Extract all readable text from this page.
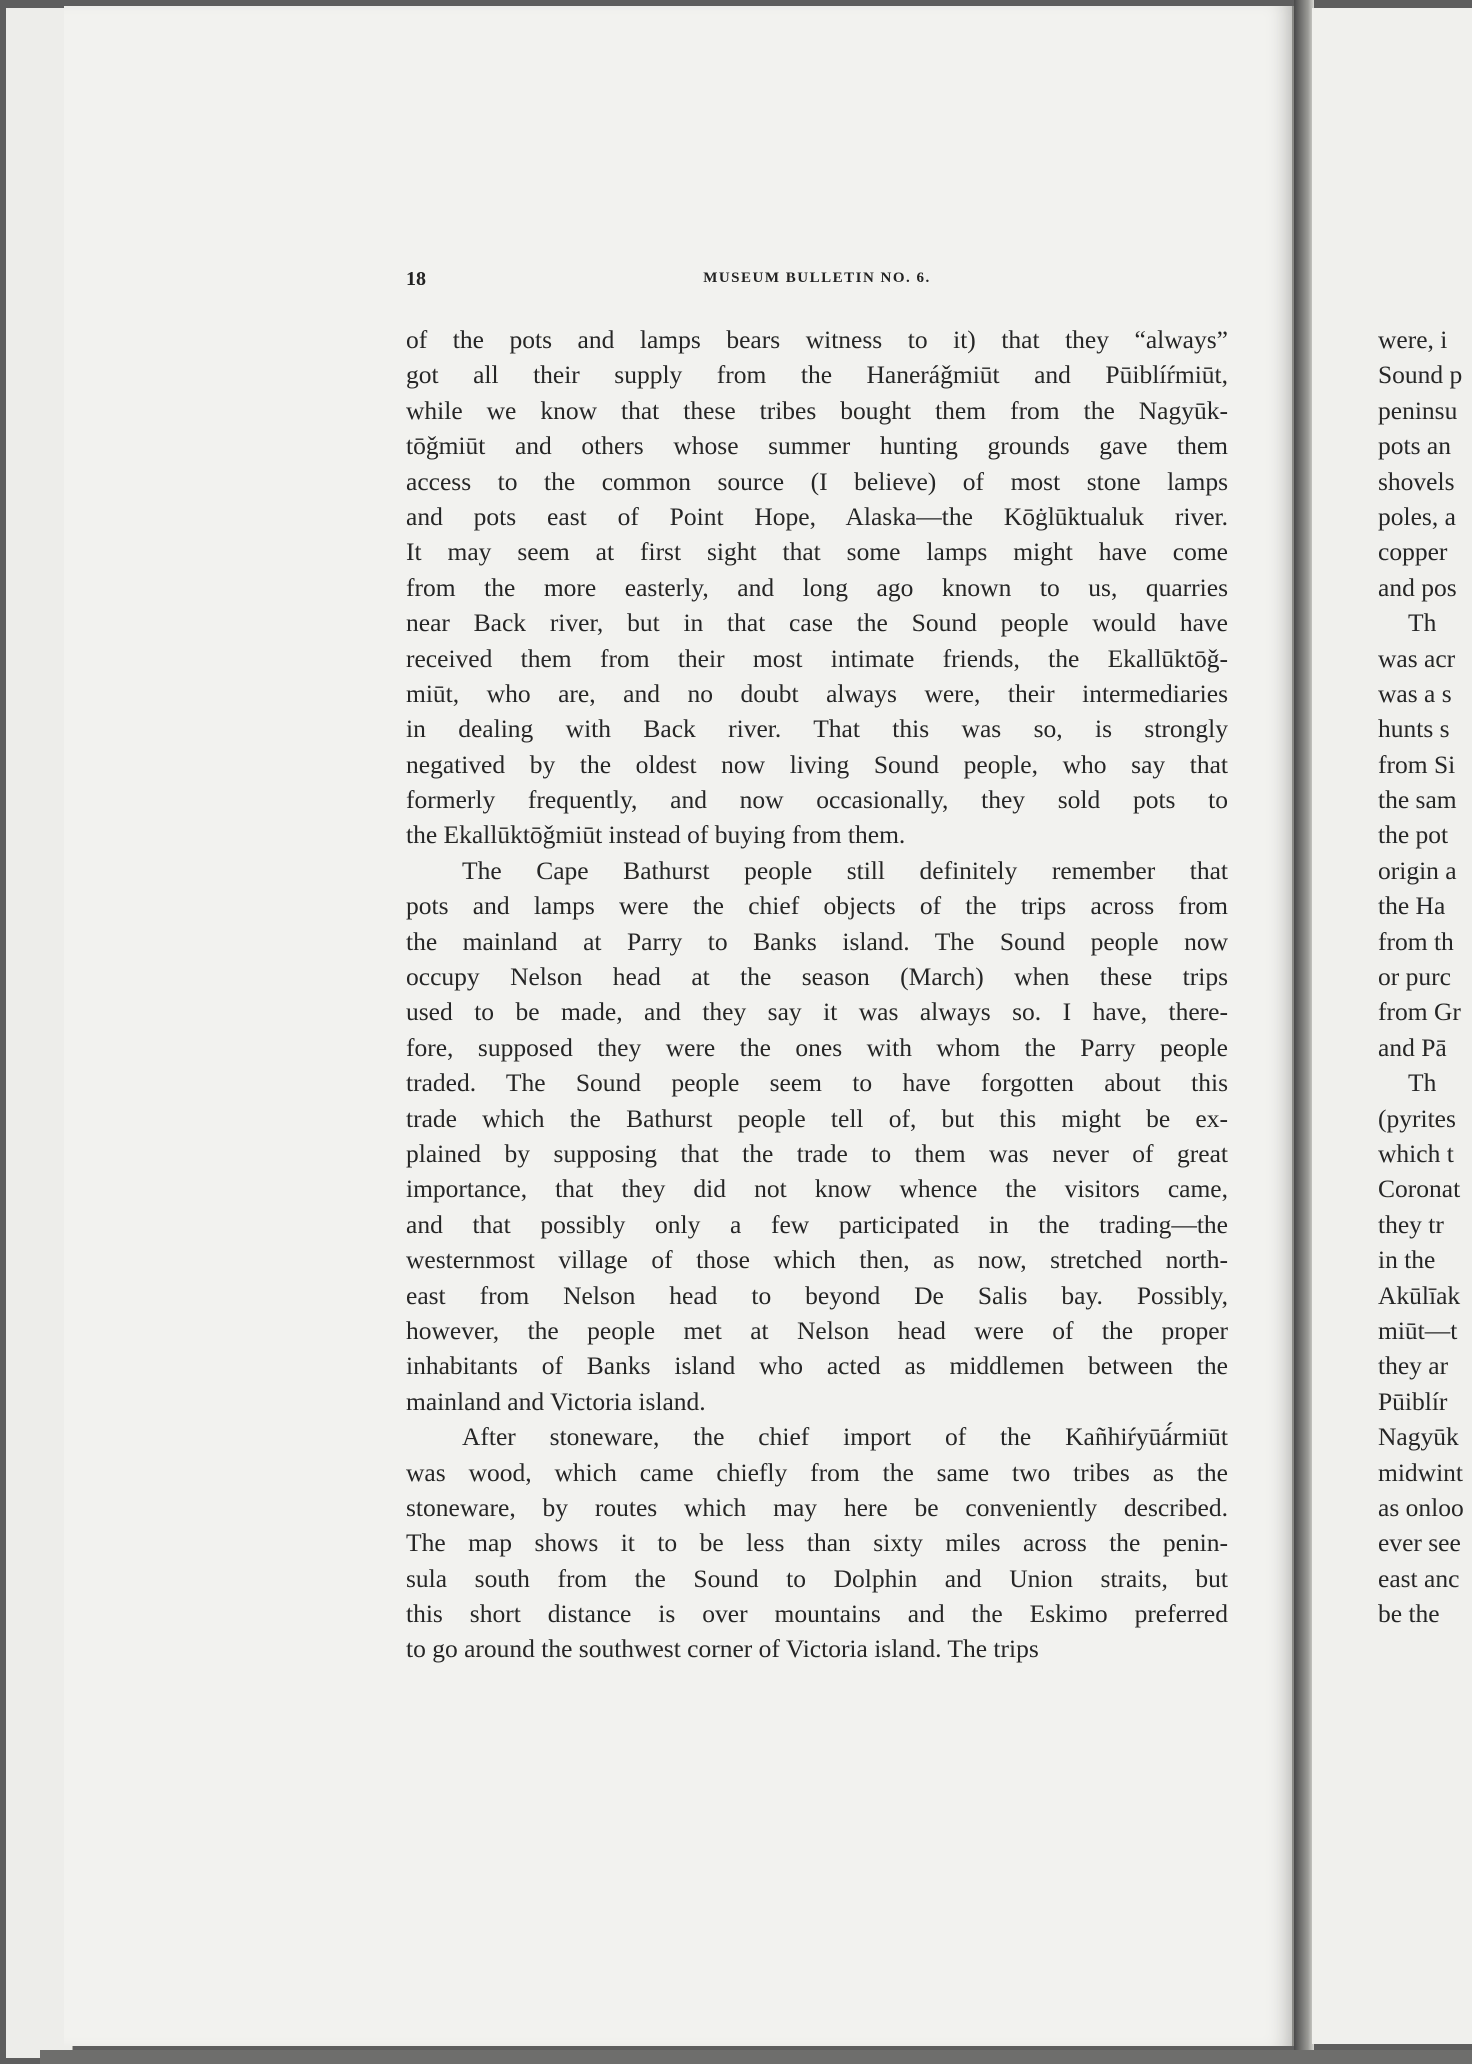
18	MUSEUM BULLETIN NO. 6.
of the pots and lamps bears witness to it) that they “always”
got all their supply from the Haneráǧmiūt and Pūiblíŕmiūt,
while we know that these tribes bought them from the Nagyūk-
tōǧmiūt and others whose summer hunting grounds gave them
access to the common source (I believe) of most stone lamps
and pots east of Point Hope, Alaska—the Kōġlūktualuk river.
It may seem at first sight that some lamps might have come
from the more easterly, and long ago known to us, quarries
near Back river, but in that case the Sound people would have
received them from their most intimate friends, the Ekallūktōǧ-
miūt, who are, and no doubt always were, their intermediaries
in dealing with Back river. That this was so, is strongly
negatived by the oldest now living Sound people, who say that
formerly frequently, and now occasionally, they sold pots to
the Ekallūktōǧmiūt instead of buying from them.
The Cape Bathurst people still definitely remember that
pots and lamps were the chief objects of the trips across from
the mainland at Parry to Banks island. The Sound people now
occupy Nelson head at the season (March) when these trips
used to be made, and they say it was always so. I have, there-
fore, supposed they were the ones with whom the Parry people
traded. The Sound people seem to have forgotten about this
trade which the Bathurst people tell of, but this might be ex-
plained by supposing that the trade to them was never of great
importance, that they did not know whence the visitors came,
and that possibly only a few participated in the trading—the
westernmost village of those which then, as now, stretched north-
east from Nelson head to beyond De Salis bay. Possibly,
however, the people met at Nelson head were of the proper
inhabitants of Banks island who acted as middlemen between the
mainland and Victoria island.
After stoneware, the chief import of the Kañhiŕyūá́rmiūt
was wood, which came chiefly from the same two tribes as the
stoneware, by routes which may here be conveniently described.
The map shows it to be less than sixty miles across the penin-
sula south from the Sound to Dolphin and Union straits, but
this short distance is over mountains and the Eskimo preferred
to go around the southwest corner of Victoria island. The trips
were, i
Sound p
peninsu
pots an
shovels
poles, a
copper
and pos
Th
was acr
was a s
hunts s
from Si
the sam
the pot
origin a
the Ha
from th
or purc
from Gr
and Pā
Th
(pyrites
which t
Coronat
they tr
in the
Akūlīak
miūt—t
they ar
Pūiblír
Nagyūk
midwint
as onloo
ever see
east anc
be the
